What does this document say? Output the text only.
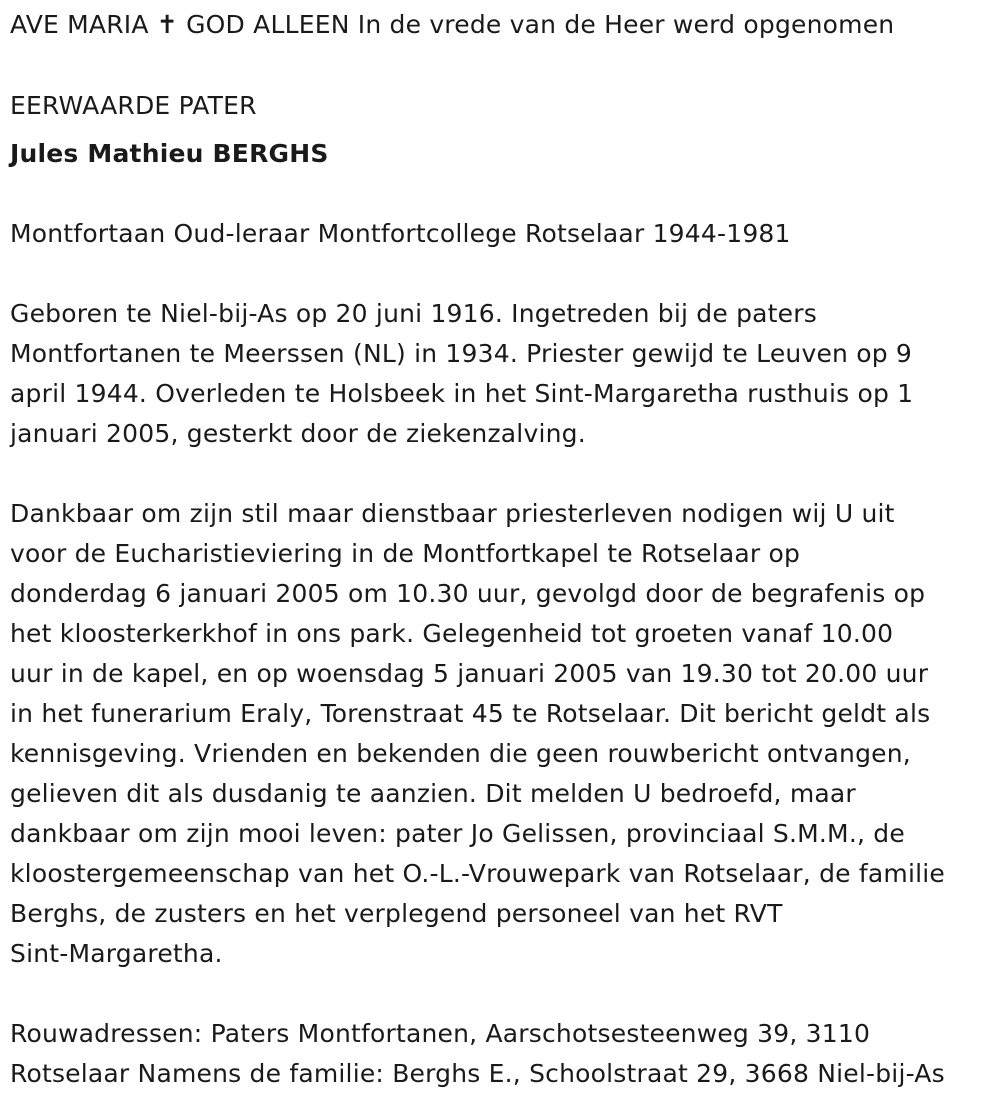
AVE MARIA ✝ GOD ALLEEN In de vrede van de Heer werd opgenomen
EERWAARDE PATER
Jules Mathieu BERGHS
Montfortaan Oud-leraar Montfortcollege Rotselaar 1944-1981
Geboren te Niel-bij-As op 20 juni 1916. Ingetreden bij de paters
Montfortanen te Meerssen (NL) in 1934. Priester gewijd te Leuven op 9
april 1944. Overleden te Holsbeek in het Sint-Margaretha rusthuis op 1
januari 2005, gesterkt door de ziekenzalving.
Dankbaar om zijn stil maar dienstbaar priesterleven nodigen wij U uit
voor de Eucharistieviering in de Montfortkapel te Rotselaar op
donderdag 6 januari 2005 om 10.30 uur, gevolgd door de begrafenis op
het kloosterkerkhof in ons park. Gelegenheid tot groeten vanaf 10.00
uur in de kapel, en op woensdag 5 januari 2005 van 19.30 tot 20.00 uur
in het funerarium Eraly, Torenstraat 45 te Rotselaar. Dit bericht geldt als
kennisgeving. Vrienden en bekenden die geen rouwbericht ontvangen,
gelieven dit als dusdanig te aanzien. Dit melden U bedroefd, maar
dankbaar om zijn mooi leven: pater Jo Gelissen, provinciaal S.M.M., de
kloostergemeenschap van het O.-L.-Vrouwepark van Rotselaar, de familie
Berghs, de zusters en het verplegend personeel van het RVT
Sint-Margaretha.
Rouwadressen: Paters Montfortanen, Aarschotsesteenweg 39, 3110
Rotselaar Namens de familie: Berghs E., Schoolstraat 29, 3668 Niel-bij-As
